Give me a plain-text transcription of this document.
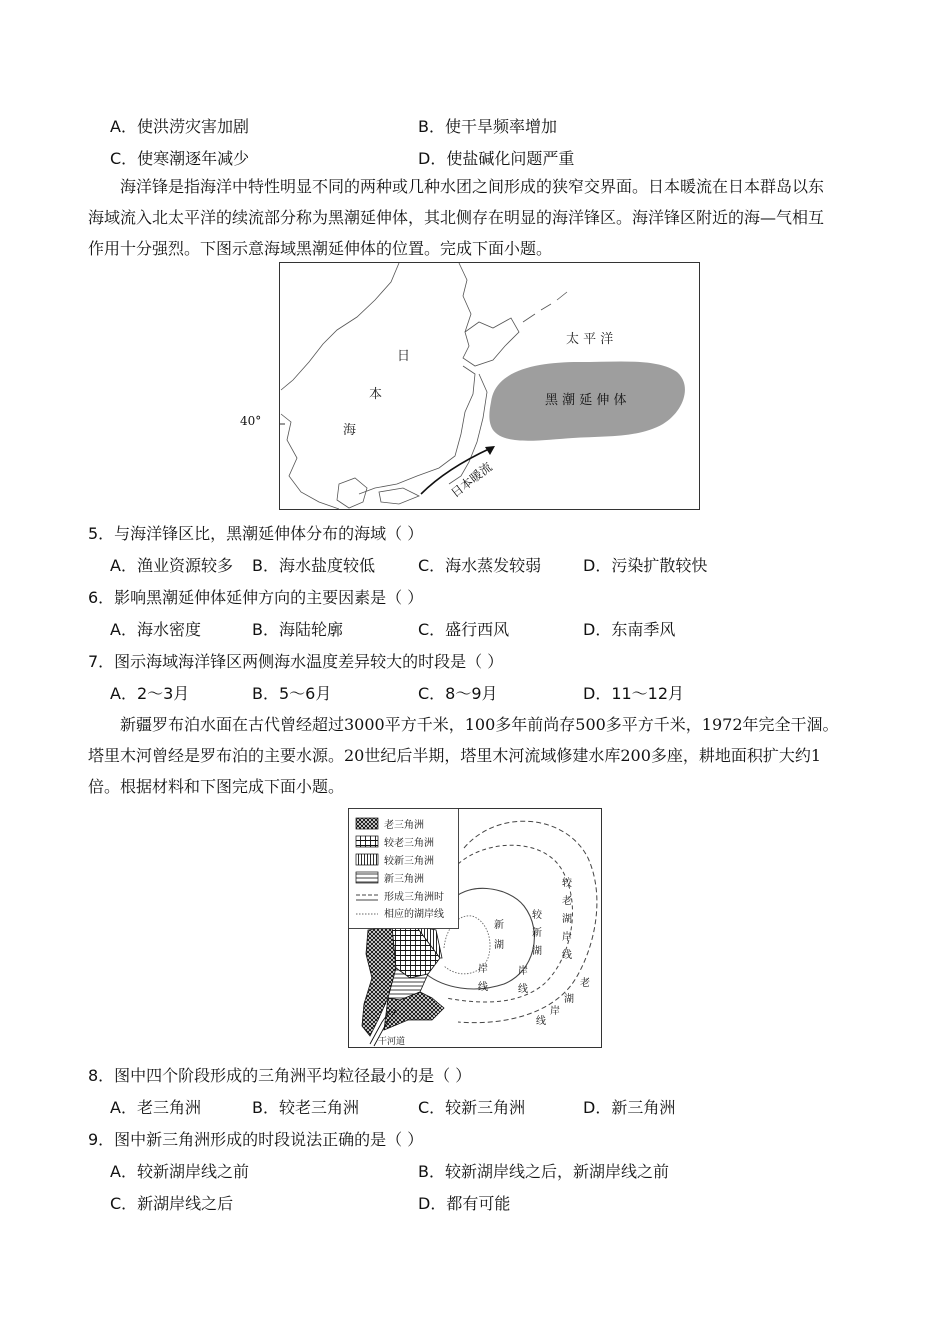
A．使洪涝灾害加剧	B．使干旱频率增加
C．使寒潮逐年减少	D．使盐碱化问题严重
海洋锋是指海洋中特性明显不同的两种或几种水团之间形成的狭窄交界面。日本暖流在日本群岛以东
海域流入北太平洋的续流部分称为黑潮延伸体，其北侧存在明显的海洋锋区。海洋锋区附近的海—气相互
作用十分强烈。下图示意海域黑潮延伸体的位置。完成下面小题。
40°
日
本
海
太 平 洋
黑 潮 延 伸 体
日本暖流
5．与海洋锋区比，黑潮延伸体分布的海域（ ）
A．渔业资源较多 B．海水盐度较低	C．海水蒸发较弱	D．污染扩散较快
6．影响黑潮延伸体延伸方向的主要因素是（ ）
A．海水密度	B．海陆轮廓	C．盛行西风	D．东南季风
7．图示海域海洋锋区两侧海水温度差异较大的时段是（ ）
A．2～3月	B．5～6月	C．8～9月	D．11～12月
新疆罗布泊水面在古代曾经超过3000平方千米，100多年前尚存500多平方千米，1972年完全干涸。
塔里木河曾经是罗布泊的主要水源。20世纪后半期，塔里木河流域修建水库200多座，耕地面积扩大约1
倍。根据材料和下图完成下面小题。
老三角洲
较老三角洲
较新三角洲
新三角洲
形成三角洲时
相应的湖岸线
新
湖
岸
线
较
新
湖
岸
线
较
老
湖
岸
线
老
湖
岸
线
干河道
8．图中四个阶段形成的三角洲平均粒径最小的是（ ）
A．老三角洲	B．较老三角洲	C．较新三角洲	D．新三角洲
9．图中新三角洲形成的时段说法正确的是（ ）
A．较新湖岸线之前	B．较新湖岸线之后，新湖岸线之前
C．新湖岸线之后	D．都有可能
